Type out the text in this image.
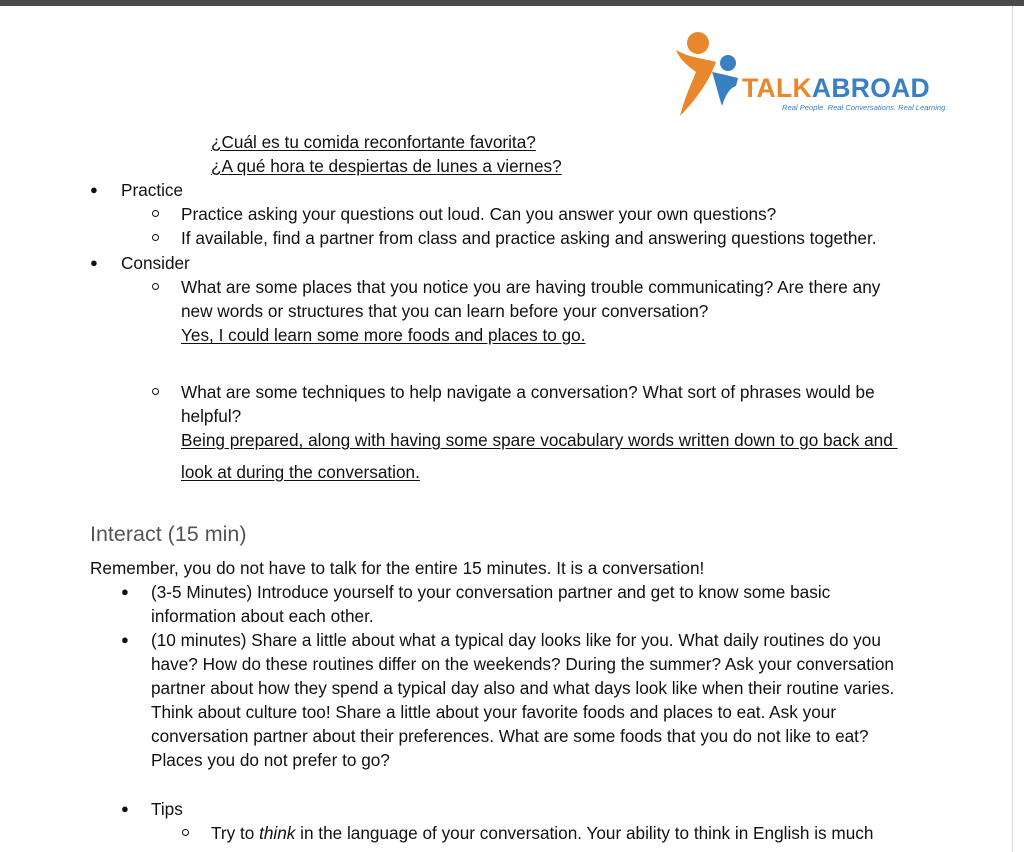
TALKABROAD
Real People. Real Conversations. Real Learning.
¿Cuál es tu comida reconfortante favorita?
¿A qué hora te despiertas de lunes a viernes?
● Practice
Practice asking your questions out loud. Can you answer your own questions?
If available, find a partner from class and practice asking and answering questions together.
● Consider
What are some places that you notice you are having trouble communicating? Are there any
new words or structures that you can learn before your conversation?
Yes, I could learn some more foods and places to go.
What are some techniques to help navigate a conversation? What sort of phrases would be
helpful?
Being prepared, along with having some spare vocabulary words written down to go back and
look at during the conversation.
Interact (15 min)
Remember, you do not have to talk for the entire 15 minutes. It is a conversation!
● (3-5 Minutes) Introduce yourself to your conversation partner and get to know some basic
information about each other.
● (10 minutes) Share a little about what a typical day looks like for you. What daily routines do you
have? How do these routines differ on the weekends? During the summer? Ask your conversation
partner about how they spend a typical day also and what days look like when their routine varies.
Think about culture too! Share a little about your favorite foods and places to eat. Ask your
conversation partner about their preferences. What are some foods that you do not like to eat?
Places you do not prefer to go?
● Tips
Try to think in the language of your conversation. Your ability to think in English is much
